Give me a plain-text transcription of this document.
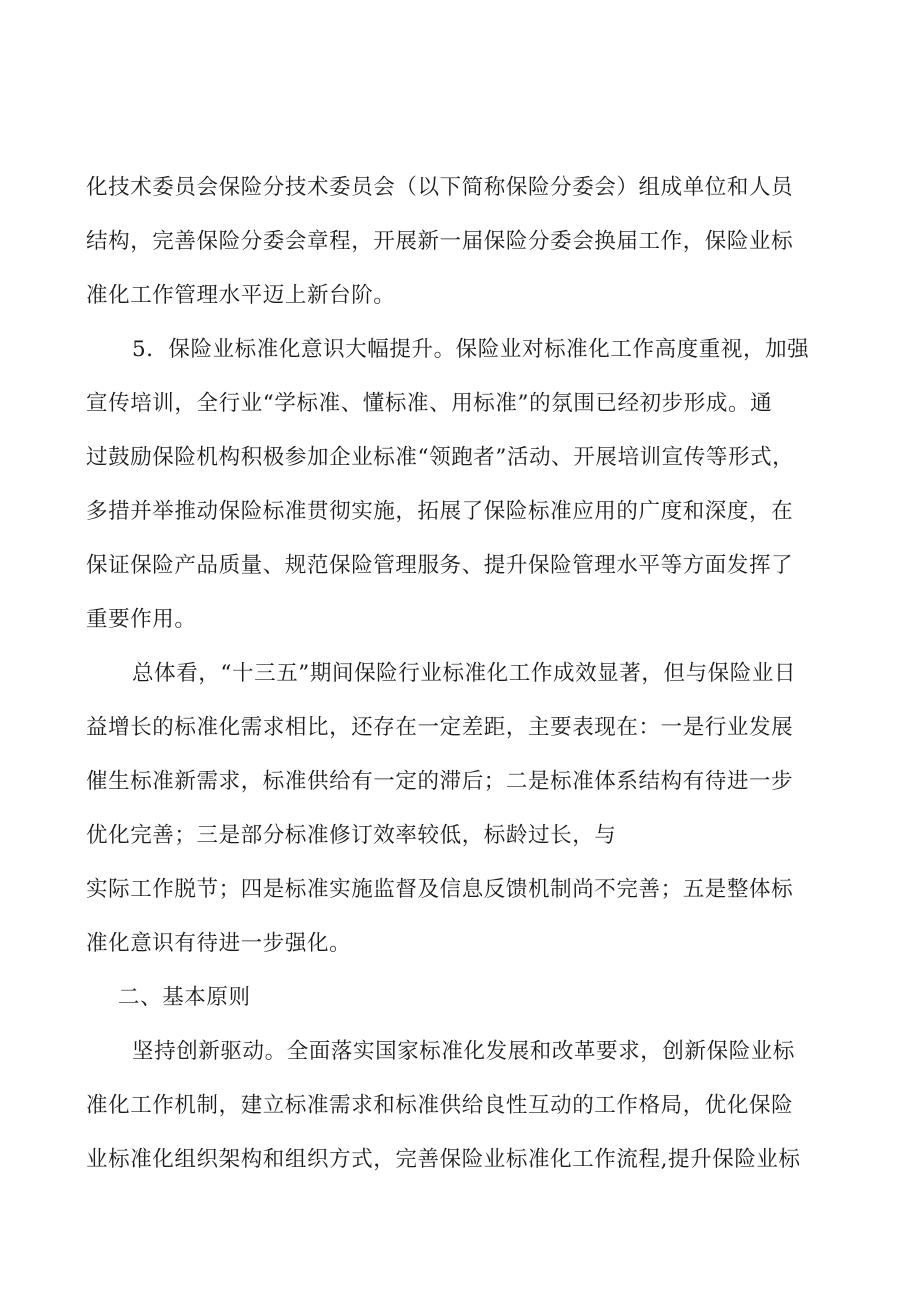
化技术委员会保险分技术委员会（以下简称保险分委会）组成单位和人员
结构，完善保险分委会章程，开展新一届保险分委会换届工作，保险业标
准化工作管理水平迈上新台阶。
5．保险业标准化意识大幅提升。保险业对标准化工作高度重视，加强
宣传培训，全行业“学标准、懂标准、用标准”的氛围已经初步形成。通
过鼓励保险机构积极参加企业标准“领跑者”活动、开展培训宣传等形式，
多措并举推动保险标准贯彻实施，拓展了保险标准应用的广度和深度，在
保证保险产品质量、规范保险管理服务、提升保险管理水平等方面发挥了
重要作用。
总体看，“十三五”期间保险行业标准化工作成效显著，但与保险业日
益增长的标准化需求相比，还存在一定差距，主要表现在：一是行业发展
催生标准新需求，标准供给有一定的滞后；二是标准体系结构有待进一步
优化完善；三是部分标准修订效率较低，标龄过长，与
实际工作脱节；四是标准实施监督及信息反馈机制尚不完善；五是整体标
准化意识有待进一步强化。
二、基本原则
坚持创新驱动。全面落实国家标准化发展和改革要求，创新保险业标
准化工作机制，建立标准需求和标准供给良性互动的工作格局，优化保险
业标准化组织架构和组织方式，完善保险业标准化工作流程,提升保险业标
